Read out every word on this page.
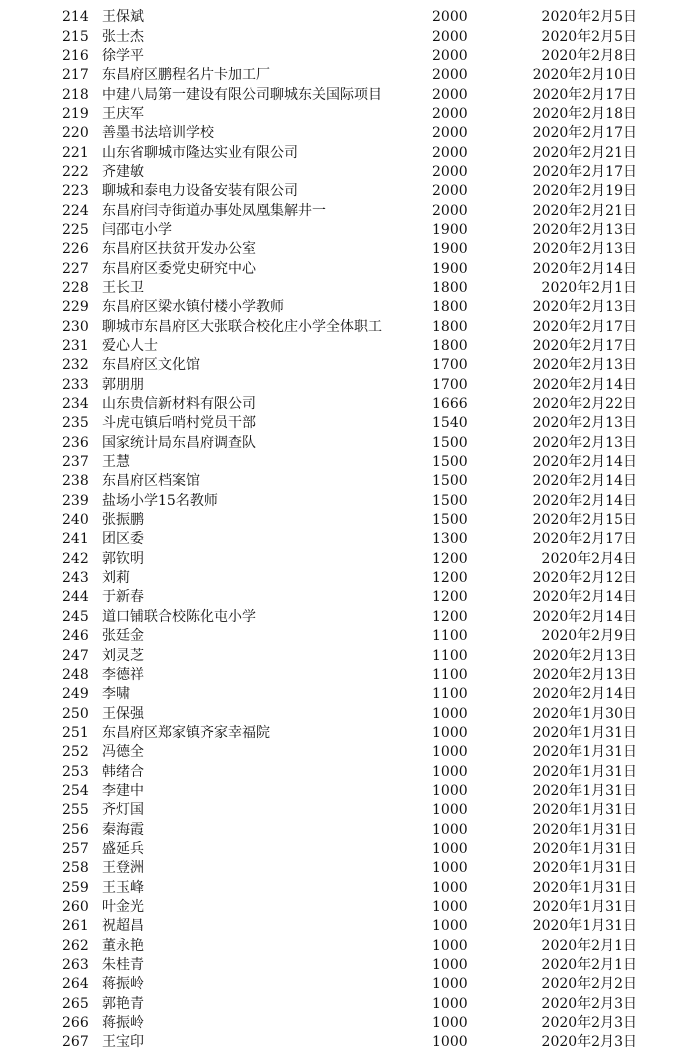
214 王保斌	2000	2020年2月5日
215 张士杰	2000	2020年2月5日
216 徐学平	2000	2020年2月8日
217 东昌府区鹏程名片卡加工厂	2000	2020年2月10日
218 中建八局第一建设有限公司聊城东关国际项目	2000	2020年2月17日
219 王庆军	2000	2020年2月18日
220 善墨书法培训学校	2000	2020年2月17日
221 山东省聊城市隆达实业有限公司	2000	2020年2月21日
222 齐建敏	2000	2020年2月17日
223 聊城和泰电力设备安装有限公司	2000	2020年2月19日
224 东昌府闫寺街道办事处凤凰集解井一	2000	2020年2月21日
225 闫邵屯小学	1900	2020年2月13日
226 东昌府区扶贫开发办公室	1900	2020年2月13日
227 东昌府区委党史研究中心	1900	2020年2月14日
228 王长卫	1800	2020年2月1日
229 东昌府区梁水镇付楼小学教师	1800	2020年2月13日
230 聊城市东昌府区大张联合校化庄小学全体职工	1800	2020年2月17日
231 爱心人士	1800	2020年2月17日
232 东昌府区文化馆	1700	2020年2月13日
233 郭朋朋	1700	2020年2月14日
234 山东贵信新材料有限公司	1666	2020年2月22日
235 斗虎屯镇后哨村党员干部	1540	2020年2月13日
236 国家统计局东昌府调查队	1500	2020年2月13日
237 王慧	1500	2020年2月14日
238 东昌府区档案馆	1500	2020年2月14日
239 盐场小学15名教师	1500	2020年2月14日
240 张振鹏	1500	2020年2月15日
241 团区委	1300	2020年2月17日
242 郭钦明	1200	2020年2月4日
243 刘莉	1200	2020年2月12日
244 于新春	1200	2020年2月14日
245 道口铺联合校陈化屯小学	1200	2020年2月14日
246 张廷金	1100	2020年2月9日
247 刘灵芝	1100	2020年2月13日
248 李德祥	1100	2020年2月13日
249 李啸	1100	2020年2月14日
250 王保强	1000	2020年1月30日
251 东昌府区郑家镇齐家幸福院	1000	2020年1月31日
252 冯德全	1000	2020年1月31日
253 韩绪合	1000	2020年1月31日
254 李建中	1000	2020年1月31日
255 齐灯国	1000	2020年1月31日
256 秦海霞	1000	2020年1月31日
257 盛延兵	1000	2020年1月31日
258 王登洲	1000	2020年1月31日
259 王玉峰	1000	2020年1月31日
260 叶金光	1000	2020年1月31日
261 祝超昌	1000	2020年1月31日
262 董永艳	1000	2020年2月1日
263 朱桂青	1000	2020年2月1日
264 蒋振岭	1000	2020年2月2日
265 郭艳青	1000	2020年2月3日
266 蒋振岭	1000	2020年2月3日
267 王宝印	1000	2020年2月3日
